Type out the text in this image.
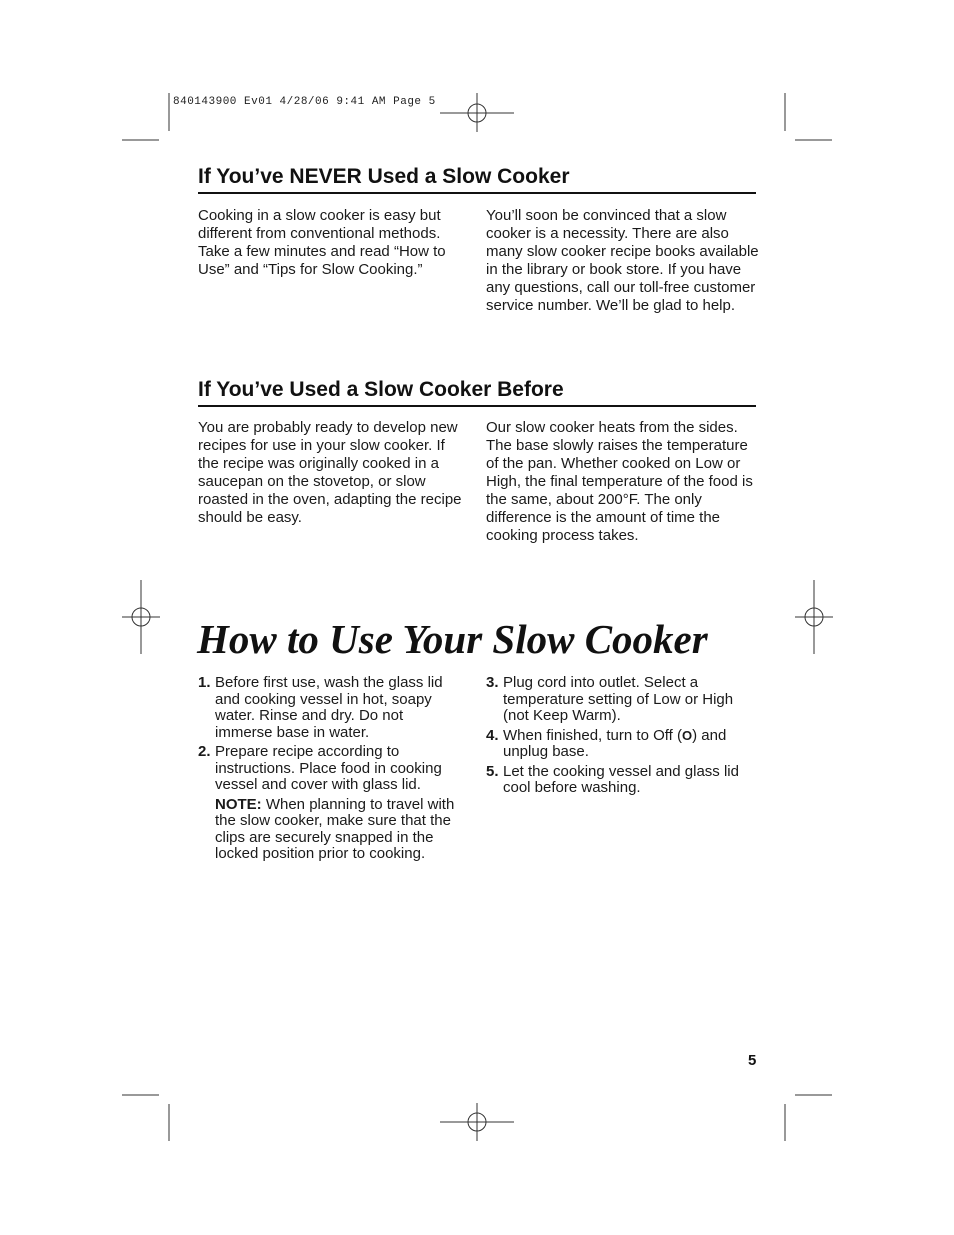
840143900 Ev01 4/28/06 9:41 AM Page 5
If You’ve NEVER Used a Slow Cooker

Cooking in a slow cooker is easy but different from conventional methods. Take a few minutes and read “How to Use” and “Tips for Slow Cooking.”

You’ll soon be convinced that a slow cooker is a necessity. There are also many slow cooker recipe books available in the library or book store. If you have any questions, call our toll-free customer service number. We’ll be glad to help.

If You’ve Used a Slow Cooker Before

You are probably ready to develop new recipes for use in your slow cooker. If the recipe was originally cooked in a saucepan on the stovetop, or slow roasted in the oven, adapting the recipe should be easy.

Our slow cooker heats from the sides. The base slowly raises the temperature of the pan. Whether cooked on Low or High, the final temperature of the food is the same, about 200°F. The only difference is the amount of time the cooking process takes.

How to Use Your Slow Cooker
1. Before first use, wash the glass lid and cooking vessel in hot, soapy water. Rinse and dry. Do not immerse base in water.
2. Prepare recipe according to instructions. Place food in cooking vessel and cover with glass lid.
NOTE: When planning to travel with the slow cooker, make sure that the clips are securely snapped in the locked position prior to cooking.
3. Plug cord into outlet. Select a temperature setting of Low or High (not Keep Warm).
4. When finished, turn to Off (O) and unplug base.
5. Let the cooking vessel and glass lid cool before washing.
5
